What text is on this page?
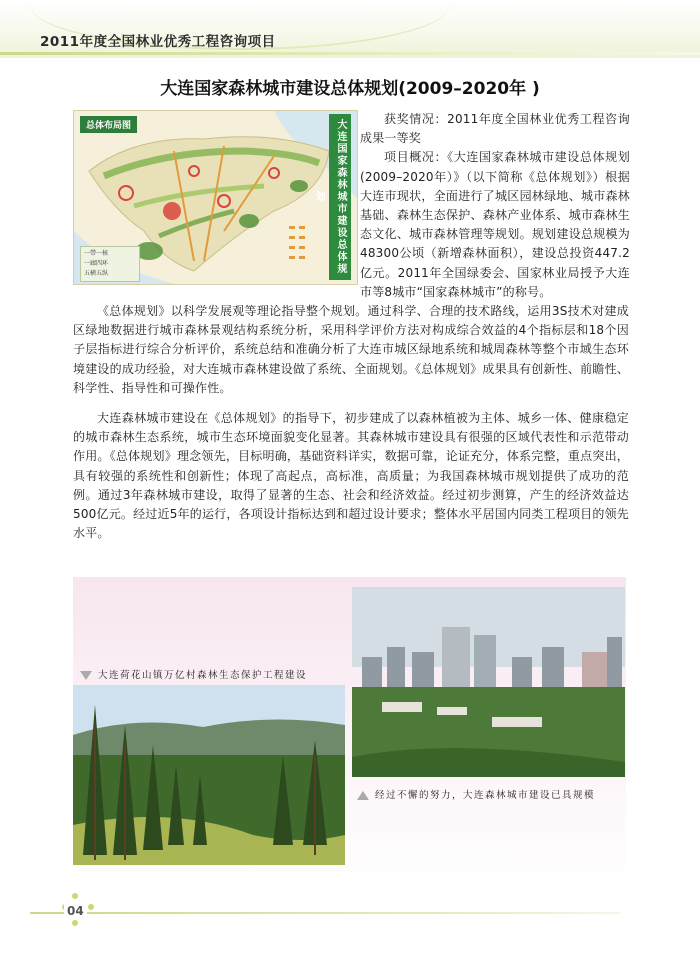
2011年度全国林业优秀工程咨询项目
大连国家森林城市建设总体规划(2009–2020年 )
总体布局图	大连国家森林城市建设总体规划
一带一核
一廊四环
五横五纵

获奖情况：2011年度全国林业优秀工程咨询成果一等奖

项目概况：《大连国家森林城市建设总体规划(2009–2020年）》（以下简称《总体规划》）根据大连市现状，全面进行了城区园林绿地、城市森林基础、森林生态保护、森林产业体系、城市森林生态文化、城市森林管理等规划。规划建设总规模为48300公顷（新增森林面积），建设总投资447.2亿元。2011年全国绿委会、国家林业局授予大连市等8城市“国家森林城市”的称号。

《总体规划》以科学发展观等理论指导整个规划。通过科学、合理的技术路线，运用3S技术对建成区绿地数据进行城市森林景观结构系统分析，采用科学评价方法对构成综合效益的4个指标层和18个因子层指标进行综合分析评价，系统总结和准确分析了大连市城区绿地系统和城周森林等整个市域生态环境建设的成功经验，对大连城市森林建设做了系统、全面规划。《总体规划》成果具有创新性、前瞻性、科学性、指导性和可操作性。

大连森林城市建设在《总体规划》的指导下，初步建成了以森林植被为主体、城乡一体、健康稳定的城市森林生态系统，城市生态环境面貌变化显著。其森林城市建设具有很强的区域代表性和示范带动作用。《总体规划》理念领先，目标明确，基础资料详实，数据可靠，论证充分，体系完整，重点突出，具有较强的系统性和创新性；体现了高起点，高标准，高质量；为我国森林城市规划提供了成功的范例。通过3年森林城市建设，取得了显著的生态、社会和经济效益。经过初步测算，产生的经济效益达500亿元。经过近5年的运行，各项设计指标达到和超过设计要求；整体水平居国内同类工程项目的领先水平。

大连荷花山镇万亿村森林生态保护工程建设
经过不懈的努力，大连森林城市建设已具规模
04
